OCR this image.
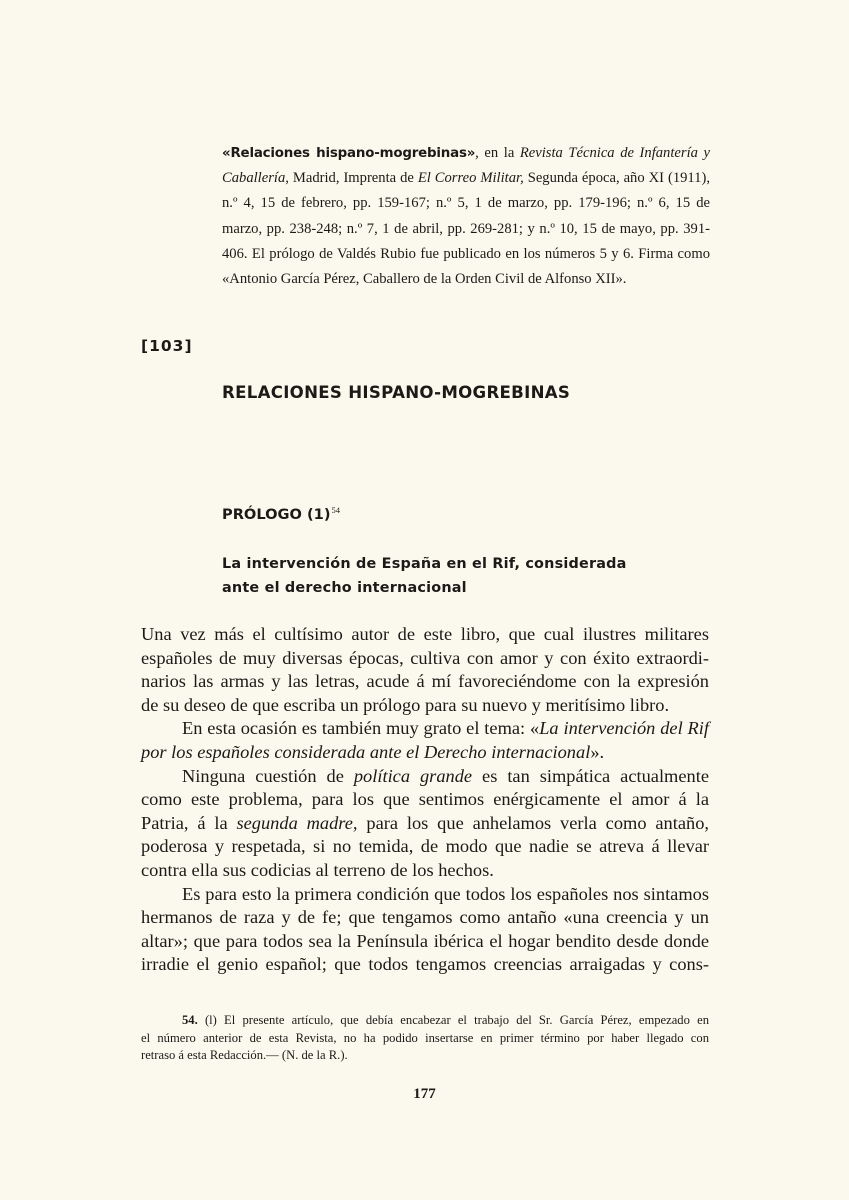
«Relaciones hispano-mogrebinas», en la Revista Técnica de Infantería y Caballería, Madrid, Imprenta de El Correo Militar, Segunda época, año XI (1911), n.º 4, 15 de febrero, pp. 159-167; n.º 5, 1 de marzo, pp. 179-196; n.º 6, 15 de marzo, pp. 238-248; n.º 7, 1 de abril, pp. 269-281; y n.º 10, 15 de mayo, pp. 391-406. El prólogo de Valdés Rubio fue publicado en los números 5 y 6. Firma como «Antonio García Pérez, Caballero de la Orden Civil de Alfonso XII».
[103]
RELACIONES HISPANO-MOGREBINAS
PRÓLOGO $(1)^{54}$
La intervención de España en el Rif, considerada
ante el derecho internacional
Una vez más el cultísimo autor de este libro, que cual ilustres militares
españoles de muy diversas épocas, cultiva con amor y con éxito extraordi-
narios las armas y las letras, acude á mí favoreciéndome con la expresión
de su deseo de que escriba un prólogo para su nuevo y meritísimo libro.
En esta ocasión es también muy grato el tema: «La intervención del Rif
por los españoles considerada ante el Derecho internacional».
Ninguna cuestión de política grande es tan simpática actualmente
como este problema, para los que sentimos enérgicamente el amor á la
Patria, á la segunda madre, para los que anhelamos verla como antaño,
poderosa y respetada, si no temida, de modo que nadie se atreva á llevar
contra ella sus codicias al terreno de los hechos.
Es para esto la primera condición que todos los españoles nos sintamos
hermanos de raza y de fe; que tengamos como antaño «una creencia y un
altar»; que para todos sea la Península ibérica el hogar bendito desde donde
irradie el genio español; que todos tengamos creencias arraigadas y cons-
54. (l) El presente artículo, que debía encabezar el trabajo del Sr. García Pérez, empezado en
el número anterior de esta Revista, no ha podido insertarse en primer término por haber llegado con
retraso á esta Redacción.— (N. de la R.).
177
